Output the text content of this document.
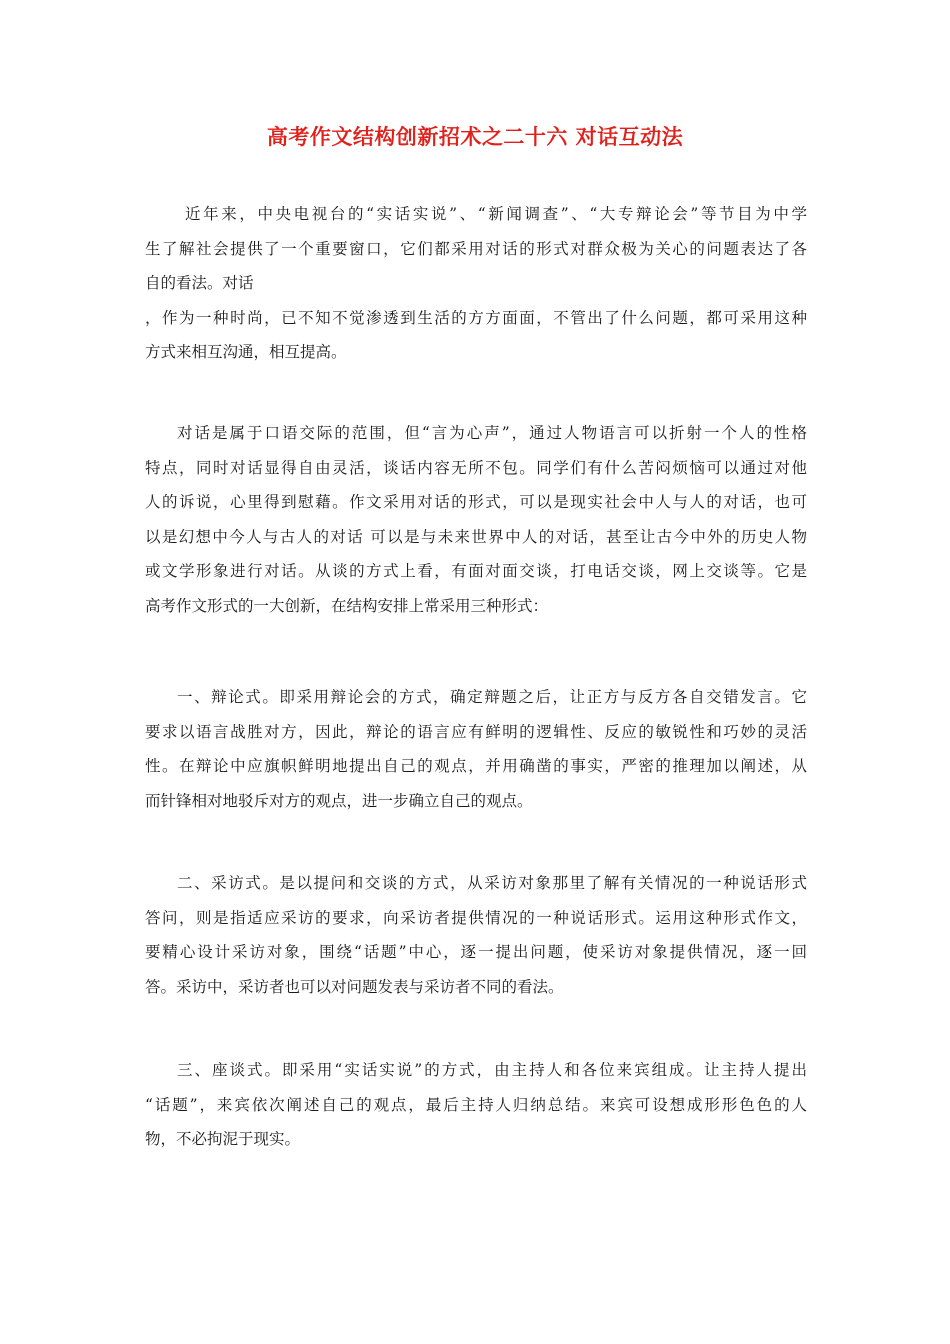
高考作文结构创新招术之二十六 对话互动法
近年来，中央电视台的“实话实说”、“新闻调查”、“大专辩论会”等节目为中学
生了解社会提供了一个重要窗口，它们都采用对话的形式对群众极为关心的问题表达了各
自的看法。对话
，作为一种时尚，已不知不觉渗透到生活的方方面面，不管出了什么问题，都可采用这种
方式来相互沟通，相互提高。
对话是属于口语交际的范围，但“言为心声”，通过人物语言可以折射一个人的性格
特点，同时对话显得自由灵活，谈话内容无所不包。同学们有什么苦闷烦恼可以通过对他
人的诉说，心里得到慰藉。作文采用对话的形式，可以是现实社会中人与人的对话，也可
以是幻想中今人与古人的对话 可以是与未来世界中人的对话，甚至让古今中外的历史人物
或文学形象进行对话。从谈的方式上看，有面对面交谈，打电话交谈，网上交谈等。它是
高考作文形式的一大创新，在结构安排上常采用三种形式：
一、辩论式。即采用辩论会的方式，确定辩题之后，让正方与反方各自交错发言。它
要求以语言战胜对方，因此，辩论的语言应有鲜明的逻辑性、反应的敏锐性和巧妙的灵活
性。在辩论中应旗帜鲜明地提出自己的观点，并用确凿的事实，严密的推理加以阐述，从
而针锋相对地驳斥对方的观点，进一步确立自己的观点。
二、采访式。是以提问和交谈的方式，从采访对象那里了解有关情况的一种说话形式
答问，则是指适应采访的要求，向采访者提供情况的一种说话形式。运用这种形式作文，
要精心设计采访对象，围绕“话题”中心，逐一提出问题，使采访对象提供情况，逐一回
答。采访中，采访者也可以对问题发表与采访者不同的看法。
三、座谈式。即采用“实话实说”的方式，由主持人和各位来宾组成。让主持人提出
“话题”，来宾依次阐述自己的观点，最后主持人归纳总结。来宾可设想成形形色色的人
物，不必拘泥于现实。
